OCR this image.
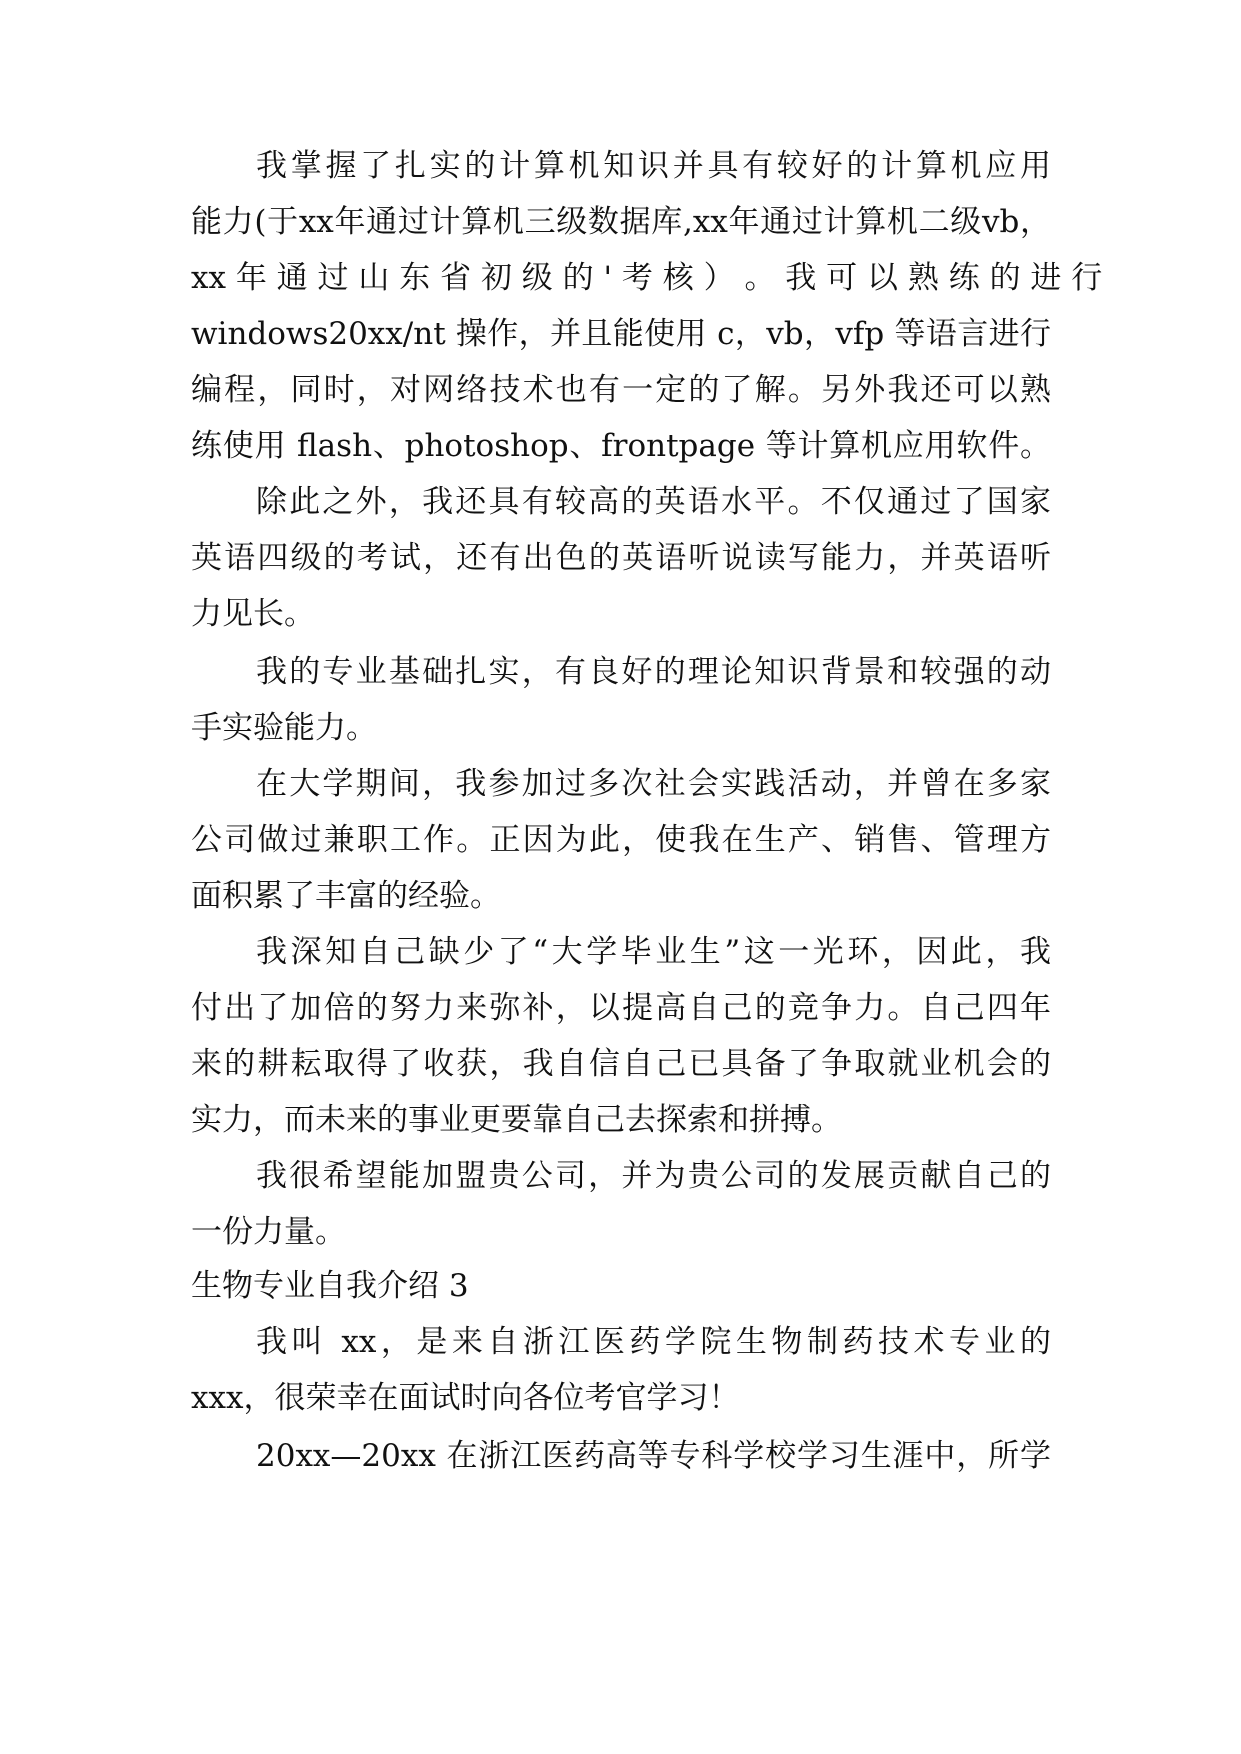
我掌握了扎实的计算机知识并具有较好的计算机应用
能力(于xx年通过计算机三级数据库,xx年通过计算机二级vb，
xx 年 通 过 山 东 省 初 级 的 ' 考 核 ） 。 我 可 以 熟 练 的 进 行
windows20xx/nt 操作，并且能使用 c，vb，vfp 等语言进行
编程，同时，对网络技术也有一定的了解。另外我还可以熟
练使用 flash、photoshop、frontpage 等计算机应用软件。
除此之外，我还具有较高的英语水平。不仅通过了国家
英语四级的考试，还有出色的英语听说读写能力，并英语听
力见长。
我的专业基础扎实，有良好的理论知识背景和较强的动
手实验能力。
在大学期间，我参加过多次社会实践活动，并曾在多家
公司做过兼职工作。正因为此，使我在生产、销售、管理方
面积累了丰富的经验。
我深知自己缺少了“大学毕业生”这一光环，因此，我
付出了加倍的努力来弥补，以提高自己的竞争力。自己四年
来的耕耘取得了收获，我自信自己已具备了争取就业机会的
实力，而未来的事业更要靠自己去探索和拼搏。
我很希望能加盟贵公司，并为贵公司的发展贡献自己的
一份力量。
生物专业自我介绍 3
我叫 xx，是来自浙江医药学院生物制药技术专业的
xxx，很荣幸在面试时向各位考官学习！
20xx—20xx 在浙江医药高等专科学校学习生涯中，所学
